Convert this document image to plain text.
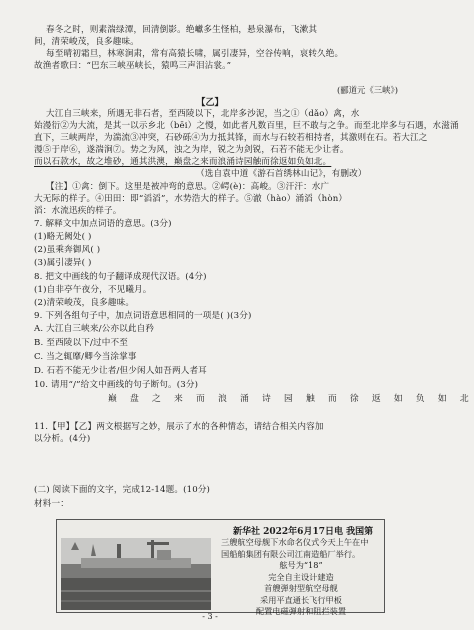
春冬之时，则素湍绿潭，回清倒影。绝巘多生怪柏，悬泉瀑布，飞漱其
间，清荣峻茂，良多趣味。
每至晴初霜旦，林寒涧肃，常有高猿长啸，属引凄异，空谷传响，哀转久绝。
故渔者歌曰：“巴东三峡巫峡长，猿鸣三声泪沾裳。”
大江自三峡来，所遇无非石者，至西陵以下，北岸多沙泥，当之①（dǎo）禽，水
始漫衍②为大流，是其一以示乡北（bēi）之慢，如此者凡数百里，巨不敢与之争。而至北岸多与石遇，水滋涌
直下，三峡两岸，为湍流③冲突，石砂砾④为力抵其锋，而水与石较若相持者，其激则在石。若大江之
漫⑤于岸⑥，遂湍涧⑦。势之为风，浊之为岸，锐之为剑锐，石若不能无少让者。
而以石款水，故之堆砂，通其洪澳，巅盘之来而浪涌诗园触而徐返如负如北。
（选自袁中道《游石首绣林山记》，有删改）
【注】①禽：倒下。这里是被冲弯的意思。②崿(è)：高峻。③汗汗：水广
大无际的样子。④田田：即“滔滔”，水势浩大的样子。⑤澈（hào）涌滔（hòn）
滔：水流迅疾的样子。
7. 解释文中加点词语的意思。(3分)
(1)略无阙处( )
(2)虽乘奔御风( )
(3)属引凄异( )
8. 把文中画线的句子翻译成现代汉语。(4分)
(1)自非亭午夜分，不见曦月。
(2)清荣峻茂，良多趣味。
9. 下列各组句子中，加点词语意思相同的一项是( )(3分)
A. 大江自三峡来/公亦以此自矜
B. 至西陵以下/过中不至
C. 当之辄靡/卿今当涂掌事
D. 石若不能无少让者/但少闲人如吾两人者耳
10. 请用“/”给文中画线的句子断句。(3分)
11.【甲】【乙】两文根据写之妙，展示了水的各种情态，请结合相关内容加
以分析。(4分)
(二) 阅读下面的文字，完成12-14题。(10分)
材料一：
(郦道元《三峡》)
【乙】
巅 盘 之 来 而 浪 涌 诗 园 触 而 徐 返 如 负 如 北
新华社 2022年6月17日电 我国第
三艘航空母舰下水命名仪式今天上午在中
国船舶集团有限公司江南造船厂举行。
舷号为“18”
完全自主设计建造
首艘弹射型航空母舰
采用平直通长飞行甲板
配置电磁弹射和阻拦装置
- 3 -
